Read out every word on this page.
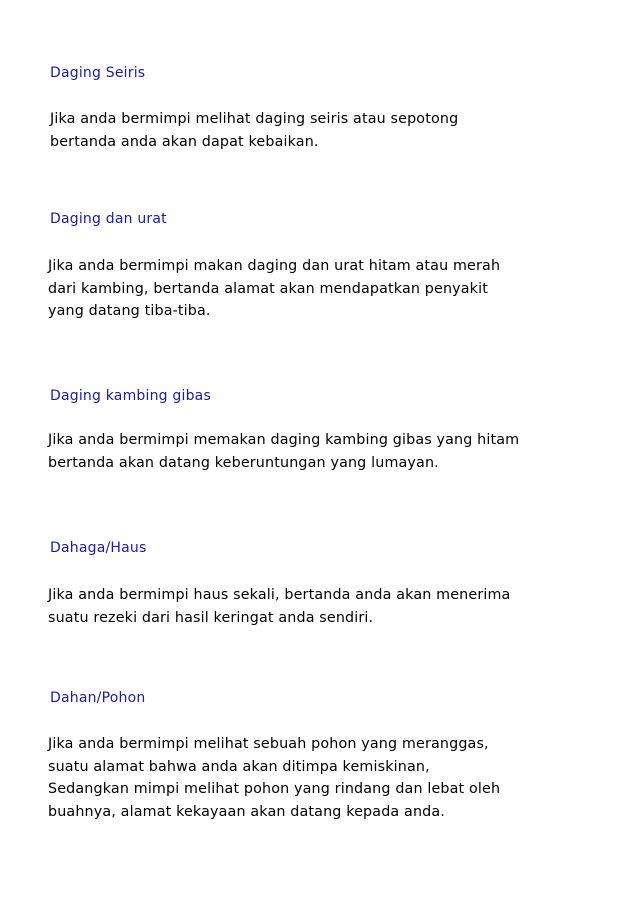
Daging Seiris
Jika anda bermimpi melihat daging seiris atau sepotong
bertanda anda akan dapat kebaikan.
Daging dan urat
Jika anda bermimpi makan daging dan urat hitam atau merah
dari kambing, bertanda alamat akan mendapatkan penyakit
yang datang tiba-tiba.
Daging kambing gibas
Jika anda bermimpi memakan daging kambing gibas yang hitam
bertanda akan datang keberuntungan yang lumayan.
Dahaga/Haus
Jika anda bermimpi haus sekali, bertanda anda akan menerima
suatu rezeki dari hasil keringat anda sendiri.
Dahan/Pohon
Jika anda bermimpi melihat sebuah pohon yang meranggas,
suatu alamat bahwa anda akan ditimpa kemiskinan,
Sedangkan mimpi melihat pohon yang rindang dan lebat oleh
buahnya, alamat kekayaan akan datang kepada anda.
